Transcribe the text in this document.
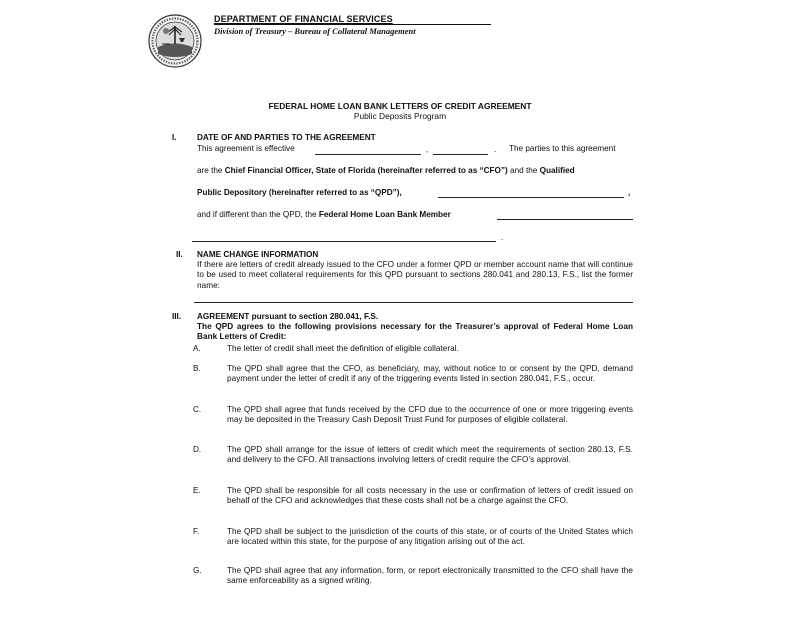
DEPARTMENT OF FINANCIAL SERVICES
Division of Treasury – Bureau of Collateral Management
FEDERAL HOME LOAN BANK LETTERS OF CREDIT AGREEMENT
Public Deposits Program
I. DATE OF AND PARTIES TO THE AGREEMENT
This agreement is effective	,	. The parties to this agreement
are the Chief Financial Officer, State of Florida (hereinafter referred to as “CFO”) and the Qualified
Public Depository (hereinafter referred to as “QPD”),	,
and if different than the QPD, the Federal Home Loan Bank Member
.
II. NAME CHANGE INFORMATION
If there are letters of credit already issued to the CFO under a former QPD or member account name that will continue to be used to meet collateral requirements for this QPD pursuant to sections 280.041 and 280.13, F.S., list the former name:
III. AGREEMENT pursuant to section 280.041, F.S.
The QPD agrees to the following provisions necessary for the Treasurer’s approval of Federal Home Loan Bank Letters of Credit:
A.	The letter of credit shall meet the definition of eligible collateral.
B.	The QPD shall agree that the CFO, as beneficiary, may, without notice to or consent by the QPD, demand payment under the letter of credit if any of the triggering events listed in section 280.041, F.S., occur.
C.	The QPD shall agree that funds received by the CFO due to the occurrence of one or more triggering events may be deposited in the Treasury Cash Deposit Trust Fund for purposes of eligible collateral.
D.	The QPD shall arrange for the issue of letters of credit which meet the requirements of section 280.13, F.S. and delivery to the CFO. All transactions involving letters of credit require the CFO’s approval.
E.	The QPD shall be responsible for all costs necessary in the use or confirmation of letters of credit issued on behalf of the CFO and acknowledges that these costs shall not be a charge against the CFO.
F.	The QPD shall be subject to the jurisdiction of the courts of this state, or of courts of the United States which are located within this state, for the purpose of any litigation arising out of the act.
G.	The QPD shall agree that any information, form, or report electronically transmitted to the CFO shall have the same enforceability as a signed writing.
